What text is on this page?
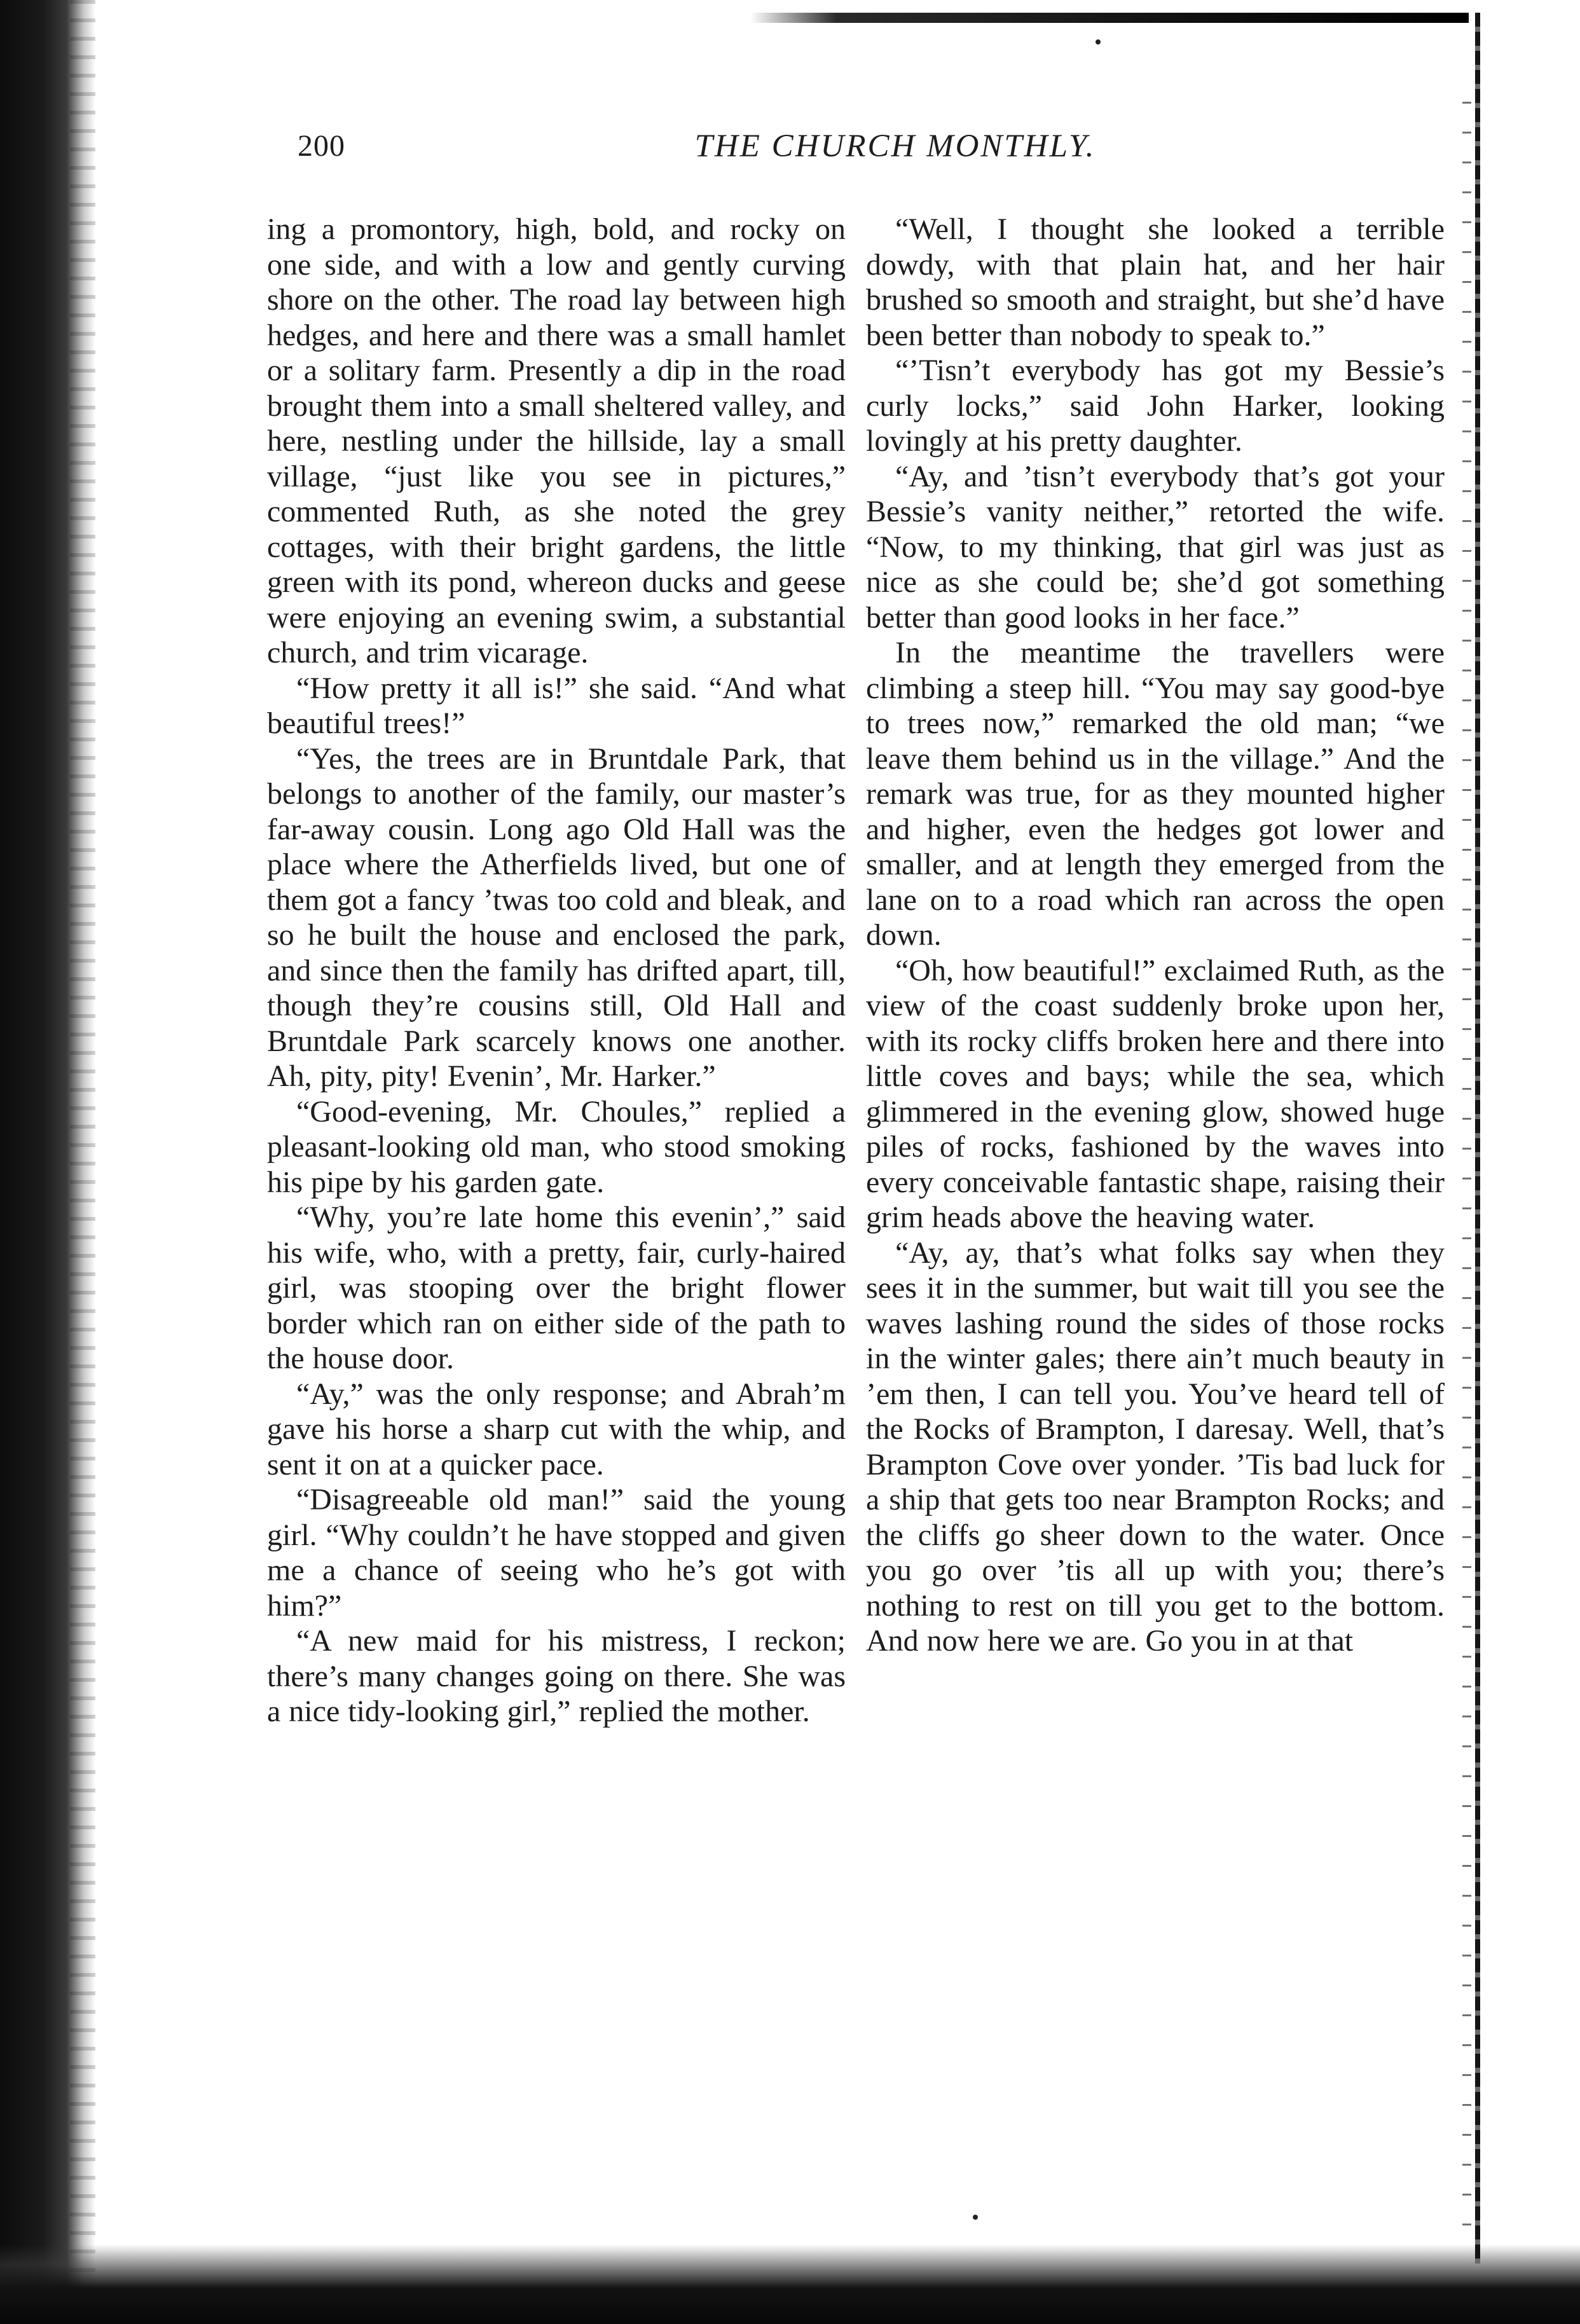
200	THE CHURCH MONTHLY.

ing a promontory, high, bold, and rocky on one side, and with a low and gently curving shore on the other. The road lay between high hedges, and here and there was a small hamlet or a solitary farm. Presently a dip in the road brought them into a small sheltered valley, and here, nestling under the hillside, lay a small village, “just like you see in pictures,” commented Ruth, as she noted the grey cottages, with their bright gardens, the little green with its pond, whereon ducks and geese were enjoying an evening swim, a substantial church, and trim vicarage.

“How pretty it all is!” she said. “And what beautiful trees!”

“Yes, the trees are in Bruntdale Park, that belongs to another of the family, our master’s far-away cousin. Long ago Old Hall was the place where the Atherfields lived, but one of them got a fancy ’twas too cold and bleak, and so he built the house and enclosed the park, and since then the family has drifted apart, till, though they’re cousins still, Old Hall and Bruntdale Park scarcely knows one another. Ah, pity, pity! Evenin’, Mr. Harker.”

“Good-evening, Mr. Choules,” replied a pleasant-looking old man, who stood smoking his pipe by his garden gate.

“Why, you’re late home this evenin’,” said his wife, who, with a pretty, fair, curly-haired girl, was stooping over the bright flower border which ran on either side of the path to the house door.

“Ay,” was the only response; and Abrah’m gave his horse a sharp cut with the whip, and sent it on at a quicker pace.

“Disagreeable old man!” said the young girl. “Why couldn’t he have stopped and given me a chance of seeing who he’s got with him?”

“A new maid for his mistress, I reckon; there’s many changes going on there. She was a nice tidy-looking girl,” replied the mother.

“Well, I thought she looked a terrible dowdy, with that plain hat, and her hair brushed so smooth and straight, but she’d have been better than nobody to speak to.”

“’Tisn’t everybody has got my Bessie’s curly locks,” said John Harker, looking lovingly at his pretty daughter.

“Ay, and ’tisn’t everybody that’s got your Bessie’s vanity neither,” retorted the wife. “Now, to my thinking, that girl was just as nice as she could be; she’d got something better than good looks in her face.”

In the meantime the travellers were climbing a steep hill. “You may say good-bye to trees now,” remarked the old man; “we leave them behind us in the village.” And the remark was true, for as they mounted higher and higher, even the hedges got lower and smaller, and at length they emerged from the lane on to a road which ran across the open down.

“Oh, how beautiful!” exclaimed Ruth, as the view of the coast suddenly broke upon her, with its rocky cliffs broken here and there into little coves and bays; while the sea, which glimmered in the evening glow, showed huge piles of rocks, fashioned by the waves into every conceivable fantastic shape, raising their grim heads above the heaving water.

“Ay, ay, that’s what folks say when they sees it in the summer, but wait till you see the waves lashing round the sides of those rocks in the winter gales; there ain’t much beauty in ’em then, I can tell you. You’ve heard tell of the Rocks of Brampton, I daresay. Well, that’s Brampton Cove over yonder. ’Tis bad luck for a ship that gets too near Brampton Rocks; and the cliffs go sheer down to the water. Once you go over ’tis all up with you; there’s nothing to rest on till you get to the bottom. And now here we are. Go you in at that
